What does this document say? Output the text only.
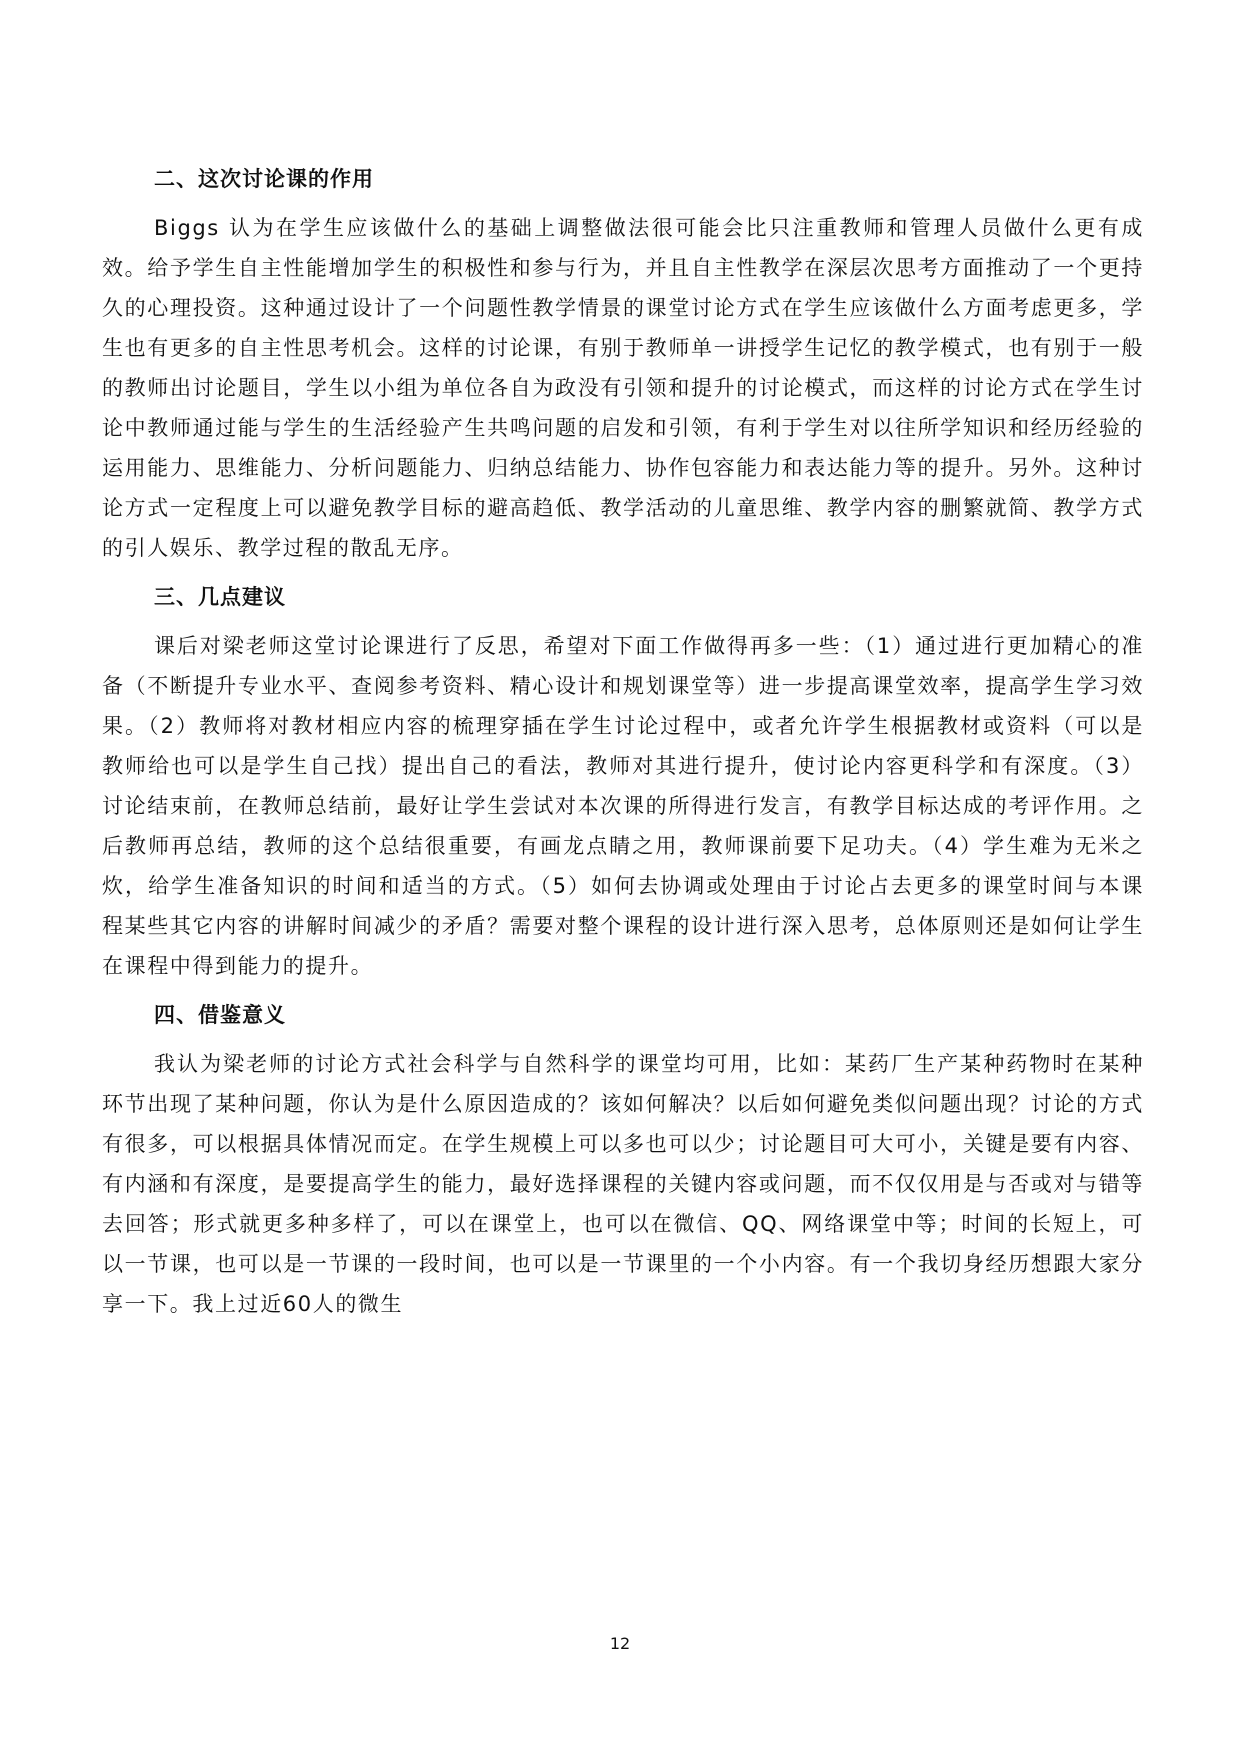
二、这次讨论课的作用

Biggs 认为在学生应该做什么的基础上调整做法很可能会比只注重教师和管理人员做什么更有成效。给予学生自主性能增加学生的积极性和参与行为，并且自主性教学在深层次思考方面推动了一个更持久的心理投资。这种通过设计了一个问题性教学情景的课堂讨论方式在学生应该做什么方面考虑更多，学生也有更多的自主性思考机会。这样的讨论课，有别于教师单一讲授学生记忆的教学模式，也有别于一般的教师出讨论题目，学生以小组为单位各自为政没有引领和提升的讨论模式，而这样的讨论方式在学生讨论中教师通过能与学生的生活经验产生共鸣问题的启发和引领，有利于学生对以往所学知识和经历经验的运用能力、思维能力、分析问题能力、归纳总结能力、协作包容能力和表达能力等的提升。另外。这种讨论方式一定程度上可以避免教学目标的避高趋低、教学活动的儿童思维、教学内容的删繁就简、教学方式的引人娱乐、教学过程的散乱无序。

三、几点建议

课后对梁老师这堂讨论课进行了反思，希望对下面工作做得再多一些：（1）通过进行更加精心的准备（不断提升专业水平、查阅参考资料、精心设计和规划课堂等）进一步提高课堂效率，提高学生学习效果。（2）教师将对教材相应内容的梳理穿插在学生讨论过程中，或者允许学生根据教材或资料（可以是教师给也可以是学生自己找）提出自己的看法，教师对其进行提升，使讨论内容更科学和有深度。（3）讨论结束前，在教师总结前，最好让学生尝试对本次课的所得进行发言，有教学目标达成的考评作用。之后教师再总结，教师的这个总结很重要，有画龙点睛之用，教师课前要下足功夫。（4）学生难为无米之炊，给学生准备知识的时间和适当的方式。（5）如何去协调或处理由于讨论占去更多的课堂时间与本课程某些其它内容的讲解时间减少的矛盾？需要对整个课程的设计进行深入思考，总体原则还是如何让学生在课程中得到能力的提升。

四、借鉴意义

我认为梁老师的讨论方式社会科学与自然科学的课堂均可用，比如：某药厂生产某种药物时在某种环节出现了某种问题，你认为是什么原因造成的？该如何解决？以后如何避免类似问题出现？讨论的方式有很多，可以根据具体情况而定。在学生规模上可以多也可以少；讨论题目可大可小，关键是要有内容、有内涵和有深度，是要提高学生的能力，最好选择课程的关键内容或问题，而不仅仅用是与否或对与错等去回答；形式就更多种多样了，可以在课堂上，也可以在微信、QQ、网络课堂中等；时间的长短上，可以一节课，也可以是一节课的一段时间，也可以是一节课里的一个小内容。有一个我切身经历想跟大家分享一下。我上过近60人的微生

12
